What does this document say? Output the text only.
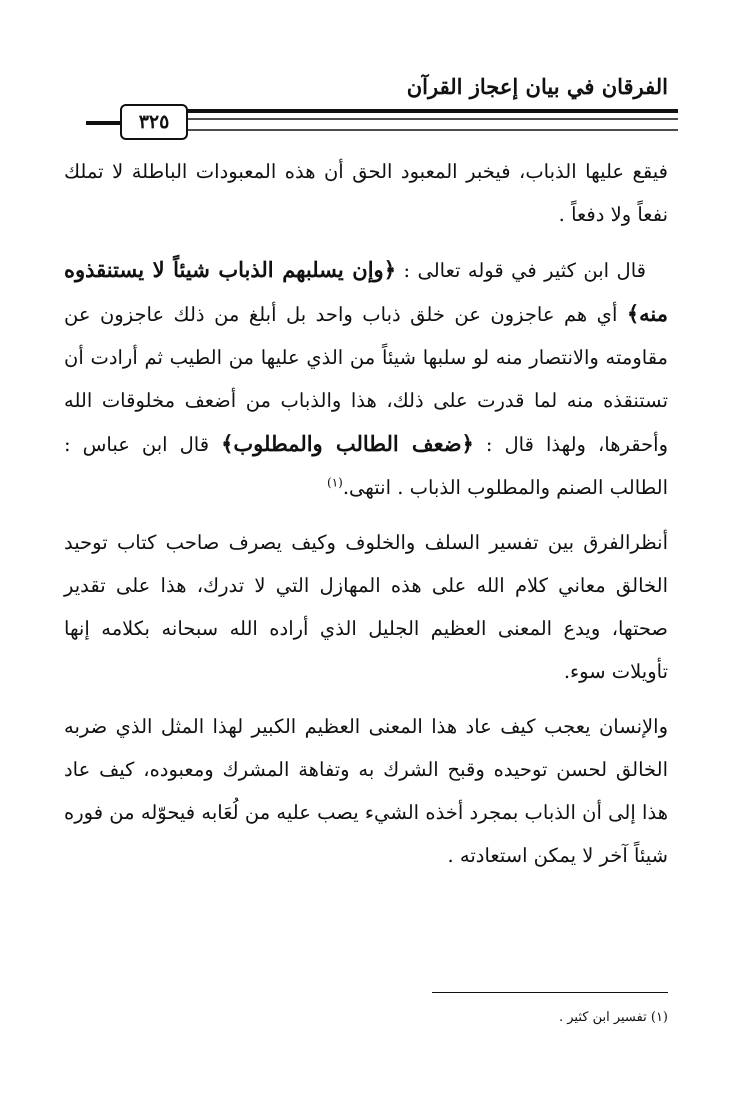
الفرقان في بيان إعجاز القرآن
٣٢٥

فيقع عليها الذباب، فيخبر المعبود الحق أن هذه المعبودات الباطلة لا تملك نفعاً ولا دفعاً .

قال ابن كثير في قوله تعالى : ﴿وإن يسلبهم الذباب شيئاً لا يستنقذوه منه﴾ أي هم عاجزون عن خلق ذباب واحد بل أبلغ من ذلك عاجزون عن مقاومته والانتصار منه لو سلبها شيئاً من الذي عليها من الطيب ثم أرادت أن تستنقذه منه لما قدرت على ذلك، هذا والذباب من أضعف مخلوقات الله وأحقرها، ولهذا قال : ﴿ضعف الطالب والمطلوب﴾ قال ابن عباس : الطالب الصنم والمطلوب الذباب . انتهى.$^{(١)}$

أنظرالفرق بين تفسير السلف والخلوف وكيف يصرف صاحب كتاب توحيد الخالق معاني كلام الله على هذه المهازل التي لا تدرك، هذا على تقدير صحتها، ويدع المعنى العظيم الجليل الذي أراده الله سبحانه بكلامه إنها تأويلات سوء.

والإنسان يعجب كيف عاد هذا المعنى العظيم الكبير لهذا المثل الذي ضربه الخالق لحسن توحيده وقبح الشرك به وتفاهة المشرك ومعبوده، كيف عاد هذا إلى أن الذباب بمجرد أخذه الشيء يصب عليه من لُعَابه فيحوّله من فوره شيئاً آخر لا يمكن استعادته .

(١) تفسير ابن كثير .
